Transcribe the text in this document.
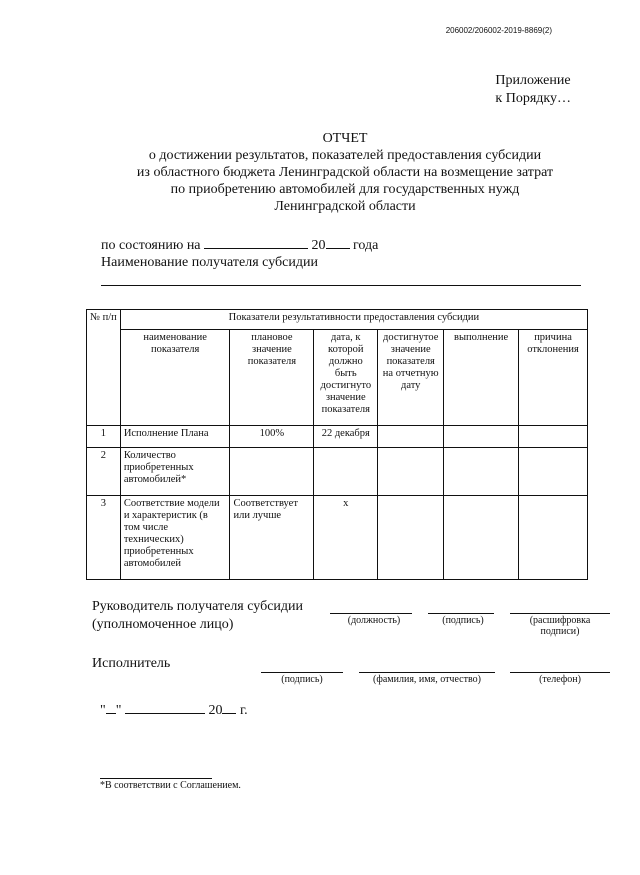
206002/206002-2019-8869(2)
Приложение
к Порядку…
ОТЧЕТ
о достижении результатов, показателей предоставления субсидии
из областного бюджета Ленинградской области на возмещение затрат
по приобретению автомобилей для государственных нужд
Ленинградской области
по состоянию на	20 года
Наименование получателя субсидии
№ п/п	Показатели результативности предоставления субсидии					
	наименование показателя	плановое значение показателя	дата, к которой должно быть достигнуто значение показателя	достигнутое значение показателя на отчетную дату	выполнение	причина отклонения
1	Исполнение Плана	100%	22 декабря			
2	Количество приобретенных автомобилей*					
3	Соответствие модели и характеристик (в том числе технических) приобретенных автомобилей	Соответствует или лучше	x			
Руководитель получателя субсидии
(уполномоченное лицо)	(должность)	(подпись)	(расшифровка подписи)
Исполнитель
(подпись)	(фамилия, имя, отчество)	(телефон)
" "	20 г.
*В соответствии с Соглашением.
